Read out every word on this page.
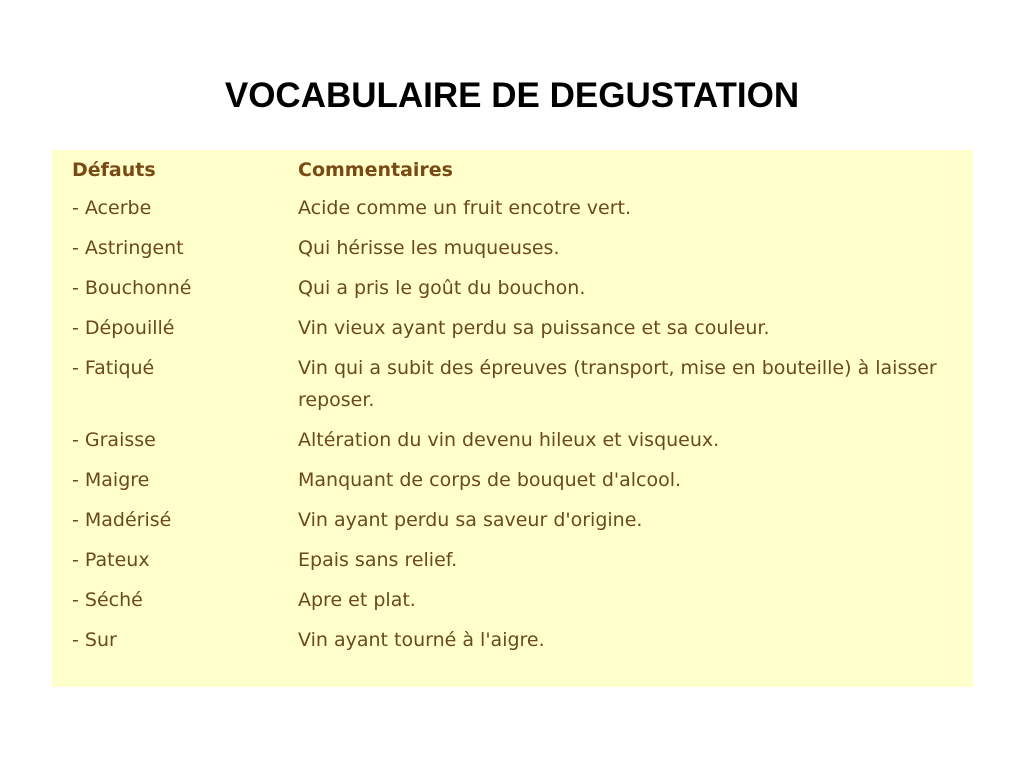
VOCABULAIRE DE DEGUSTATION
Défauts	Commentaires
- Acerbe	Acide comme un fruit encotre vert.
- Astringent	Qui hérisse les muqueuses.
- Bouchonné	Qui a pris le goût du bouchon.
- Dépouillé	Vin vieux ayant perdu sa puissance et sa couleur.
- Fatiqué	Vin qui a subit des épreuves (transport, mise en bouteille) à laisser reposer.
- Graisse	Altération du vin devenu hileux et visqueux.
- Maigre	Manquant de corps de bouquet d'alcool.
- Madérisé	Vin ayant perdu sa saveur d'origine.
- Pateux	Epais sans relief.
- Séché	Apre et plat.
- Sur	Vin ayant tourné à l'aigre.
